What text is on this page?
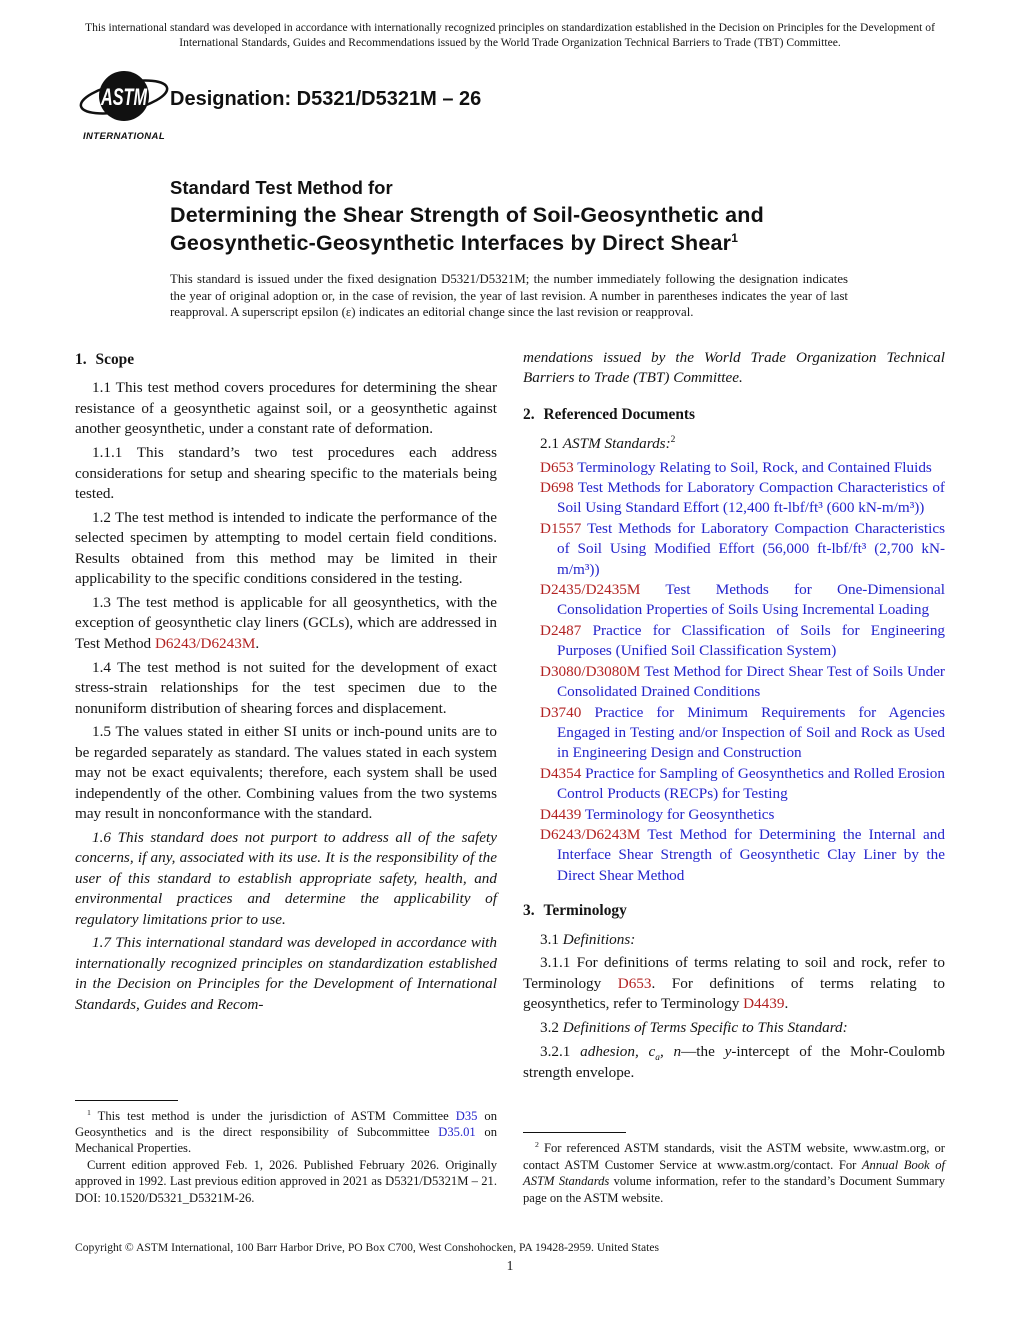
This international standard was developed in accordance with internationally recognized principles on standardization established in the Decision on Principles for the Development of International Standards, Guides and Recommendations issued by the World Trade Organization Technical Barriers to Trade (TBT) Committee.
ASTM
INTERNATIONAL
Designation: D5321/D5321M – 26
Standard Test Method for
Determining the Shear Strength of Soil-Geosynthetic and
Geosynthetic-Geosynthetic Interfaces by Direct Shear$^1$
This standard is issued under the fixed designation D5321/D5321M; the number immediately following the designation indicates the year of original adoption or, in the case of revision, the year of last revision. A number in parentheses indicates the year of last reapproval. A superscript epsilon (ε) indicates an editorial change since the last revision or reapproval.
1. Scope

1.1 This test method covers procedures for determining the shear resistance of a geosynthetic against soil, or a geosynthetic against another geosynthetic, under a constant rate of deformation.

1.1.1 This standard’s two test procedures each address considerations for setup and shearing specific to the materials being tested.

1.2 The test method is intended to indicate the performance of the selected specimen by attempting to model certain field conditions. Results obtained from this method may be limited in their applicability to the specific conditions considered in the testing.

1.3 The test method is applicable for all geosynthetics, with the exception of geosynthetic clay liners (GCLs), which are addressed in Test Method D6243/D6243M.

1.4 The test method is not suited for the development of exact stress-strain relationships for the test specimen due to the nonuniform distribution of shearing forces and displacement.

1.5 The values stated in either SI units or inch-pound units are to be regarded separately as standard. The values stated in each system may not be exact equivalents; therefore, each system shall be used independently of the other. Combining values from the two systems may result in nonconformance with the standard.

1.6 This standard does not purport to address all of the safety concerns, if any, associated with its use. It is the responsibility of the user of this standard to establish appropriate safety, health, and environmental practices and determine the applicability of regulatory limitations prior to use.

1.7 This international standard was developed in accordance with internationally recognized principles on standardization established in the Decision on Principles for the Development of International Standards, Guides and Recom-

$^1$ This test method is under the jurisdiction of ASTM Committee D35 on Geosynthetics and is the direct responsibility of Subcommittee D35.01 on Mechanical Properties.

Current edition approved Feb. 1, 2026. Published February 2026. Originally approved in 1992. Last previous edition approved in 2021 as D5321/D5321M – 21. DOI: 10.1520/D5321_D5321M-26.

mendations issued by the World Trade Organization Technical Barriers to Trade (TBT) Committee.

2. Referenced Documents

2.1 ASTM Standards:$^2$

D653 Terminology Relating to Soil, Rock, and Contained Fluids
D698 Test Methods for Laboratory Compaction Characteristics of Soil Using Standard Effort (12,400 ft-lbf/ft³ (600 kN-m/m³))
D1557 Test Methods for Laboratory Compaction Characteristics of Soil Using Modified Effort (56,000 ft-lbf/ft³ (2,700 kN-m/m³))
D2435/D2435M Test Methods for One-Dimensional Consolidation Properties of Soils Using Incremental Loading
D2487 Practice for Classification of Soils for Engineering Purposes (Unified Soil Classification System)
D3080/D3080M Test Method for Direct Shear Test of Soils Under Consolidated Drained Conditions
D3740 Practice for Minimum Requirements for Agencies Engaged in Testing and/or Inspection of Soil and Rock as Used in Engineering Design and Construction
D4354 Practice for Sampling of Geosynthetics and Rolled Erosion Control Products (RECPs) for Testing
D4439 Terminology for Geosynthetics
D6243/D6243M Test Method for Determining the Internal and Interface Shear Strength of Geosynthetic Clay Liner by the Direct Shear Method
3. Terminology

3.1 Definitions:

3.1.1 For definitions of terms relating to soil and rock, refer to Terminology D653. For definitions of terms relating to geosynthetics, refer to Terminology D4439.

3.2 Definitions of Terms Specific to This Standard:

3.2.1 adhesion, $c_a$, n—the y-intercept of the Mohr-Coulomb strength envelope.

$^2$ For referenced ASTM standards, visit the ASTM website, www.astm.org, or contact ASTM Customer Service at www.astm.org/contact. For Annual Book of ASTM Standards volume information, refer to the standard’s Document Summary page on the ASTM website.

Copyright © ASTM International, 100 Barr Harbor Drive, PO Box C700, West Conshohocken, PA 19428-2959. United States
1
